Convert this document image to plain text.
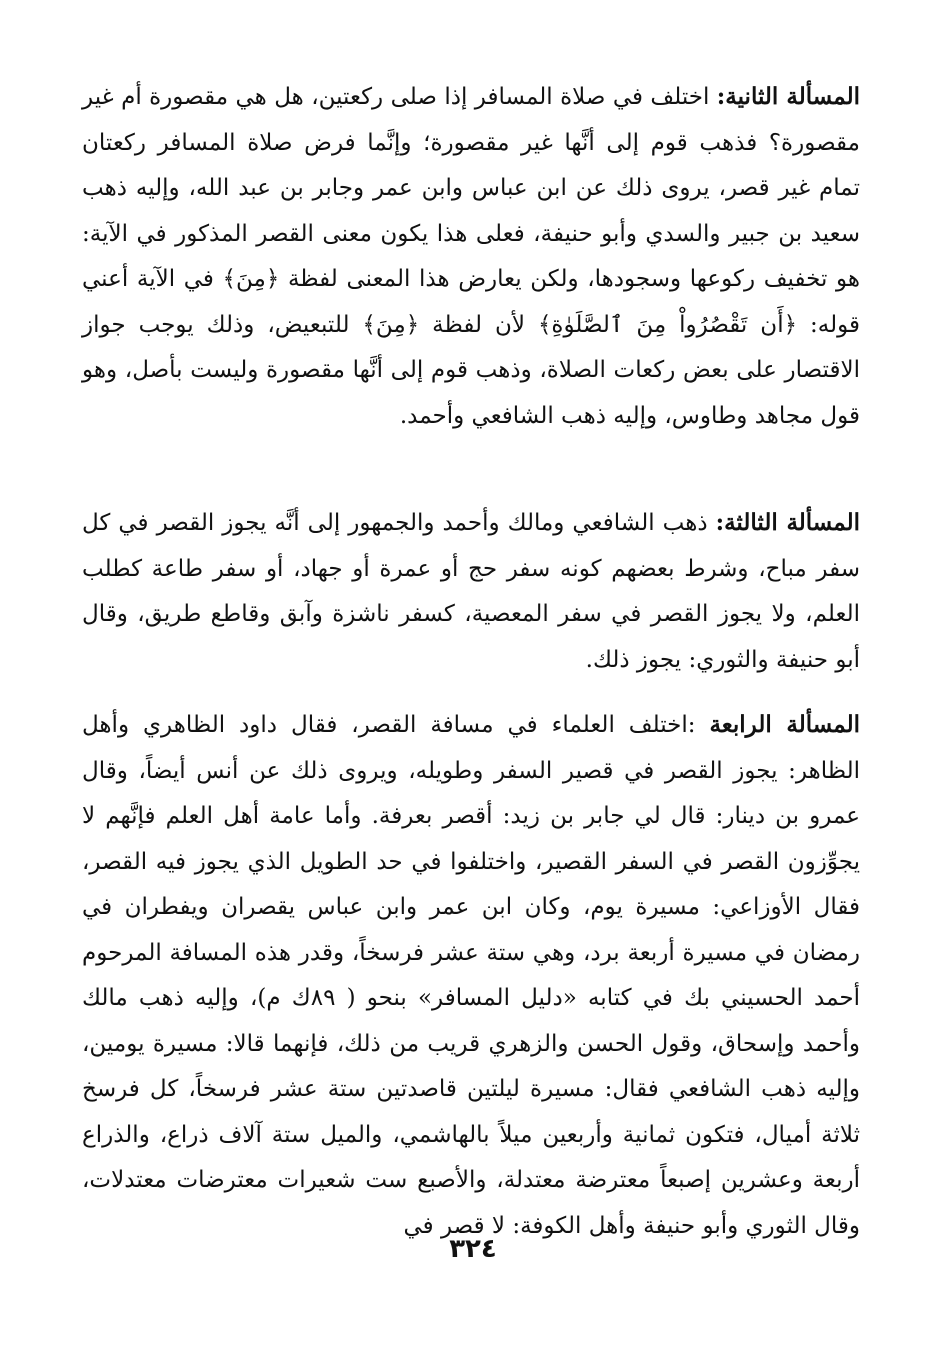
المسألة الثانية: اختلف في صلاة المسافر إذا صلى ركعتين، هل هي مقصورة أم غير مقصورة؟ فذهب قوم إلى أنَّها غير مقصورة؛ وإنَّما فرض صلاة المسافر ركعتان تمام غير قصر، يروى ذلك عن ابن عباس وابن عمر وجابر بن عبد الله، وإليه ذهب سعيد بن جبير والسدي وأبو حنيفة، فعلى هذا يكون معنى القصر المذكور في الآية: هو تخفيف ركوعها وسجودها، ولكن يعارض هذا المعنى لفظة ﴿مِنَ﴾ في الآية أعني قوله: ﴿أَن تَقْصُرُواْ مِنَ ٱلصَّلَوٰةِ﴾ لأن لفظة ﴿مِنَ﴾ للتبعيض، وذلك يوجب جواز الاقتصار على بعض ركعات الصلاة، وذهب قوم إلى أنَّها مقصورة وليست بأصل، وهو قول مجاهد وطاوس، وإليه ذهب الشافعي وأحمد.

المسألة الثالثة: ذهب الشافعي ومالك وأحمد والجمهور إلى أنَّه يجوز القصر في كل سفر مباح، وشرط بعضهم كونه سفر حج أو عمرة أو جهاد، أو سفر طاعة كطلب العلم، ولا يجوز القصر في سفر المعصية، كسفر ناشزة وآبق وقاطع طريق، وقال أبو حنيفة والثوري: يجوز ذلك.

المسألة الرابعة :اختلف العلماء في مسافة القصر، فقال داود الظاهري وأهل الظاهر: يجوز القصر في قصير السفر وطويله، ويروى ذلك عن أنس أيضاً، وقال عمرو بن دينار: قال لي جابر بن زيد: أقصر بعرفة. وأما عامة أهل العلم فإنَّهم لا يجوِّزون القصر في السفر القصير، واختلفوا في حد الطويل الذي يجوز فيه القصر، فقال الأوزاعي: مسيرة يوم، وكان ابن عمر وابن عباس يقصران ويفطران في رمضان في مسيرة أربعة برد، وهي ستة عشر فرسخاً، وقدر هذه المسافة المرحوم أحمد الحسيني بك في كتابه «دليل المسافر» بنحو ( ٨٩ك م)، وإليه ذهب مالك وأحمد وإسحاق، وقول الحسن والزهري قريب من ذلك، فإنهما قالا: مسيرة يومين، وإليه ذهب الشافعي فقال: مسيرة ليلتين قاصدتين ستة عشر فرسخاً، كل فرسخ ثلاثة أميال، فتكون ثمانية وأربعين ميلاً بالهاشمي، والميل ستة آلاف ذراع، والذراع أربعة وعشرين إصبعاً معترضة معتدلة، والأصبع ست شعيرات معترضات معتدلات، وقال الثوري وأبو حنيفة وأهل الكوفة: لا قصر في

٣٢٤
